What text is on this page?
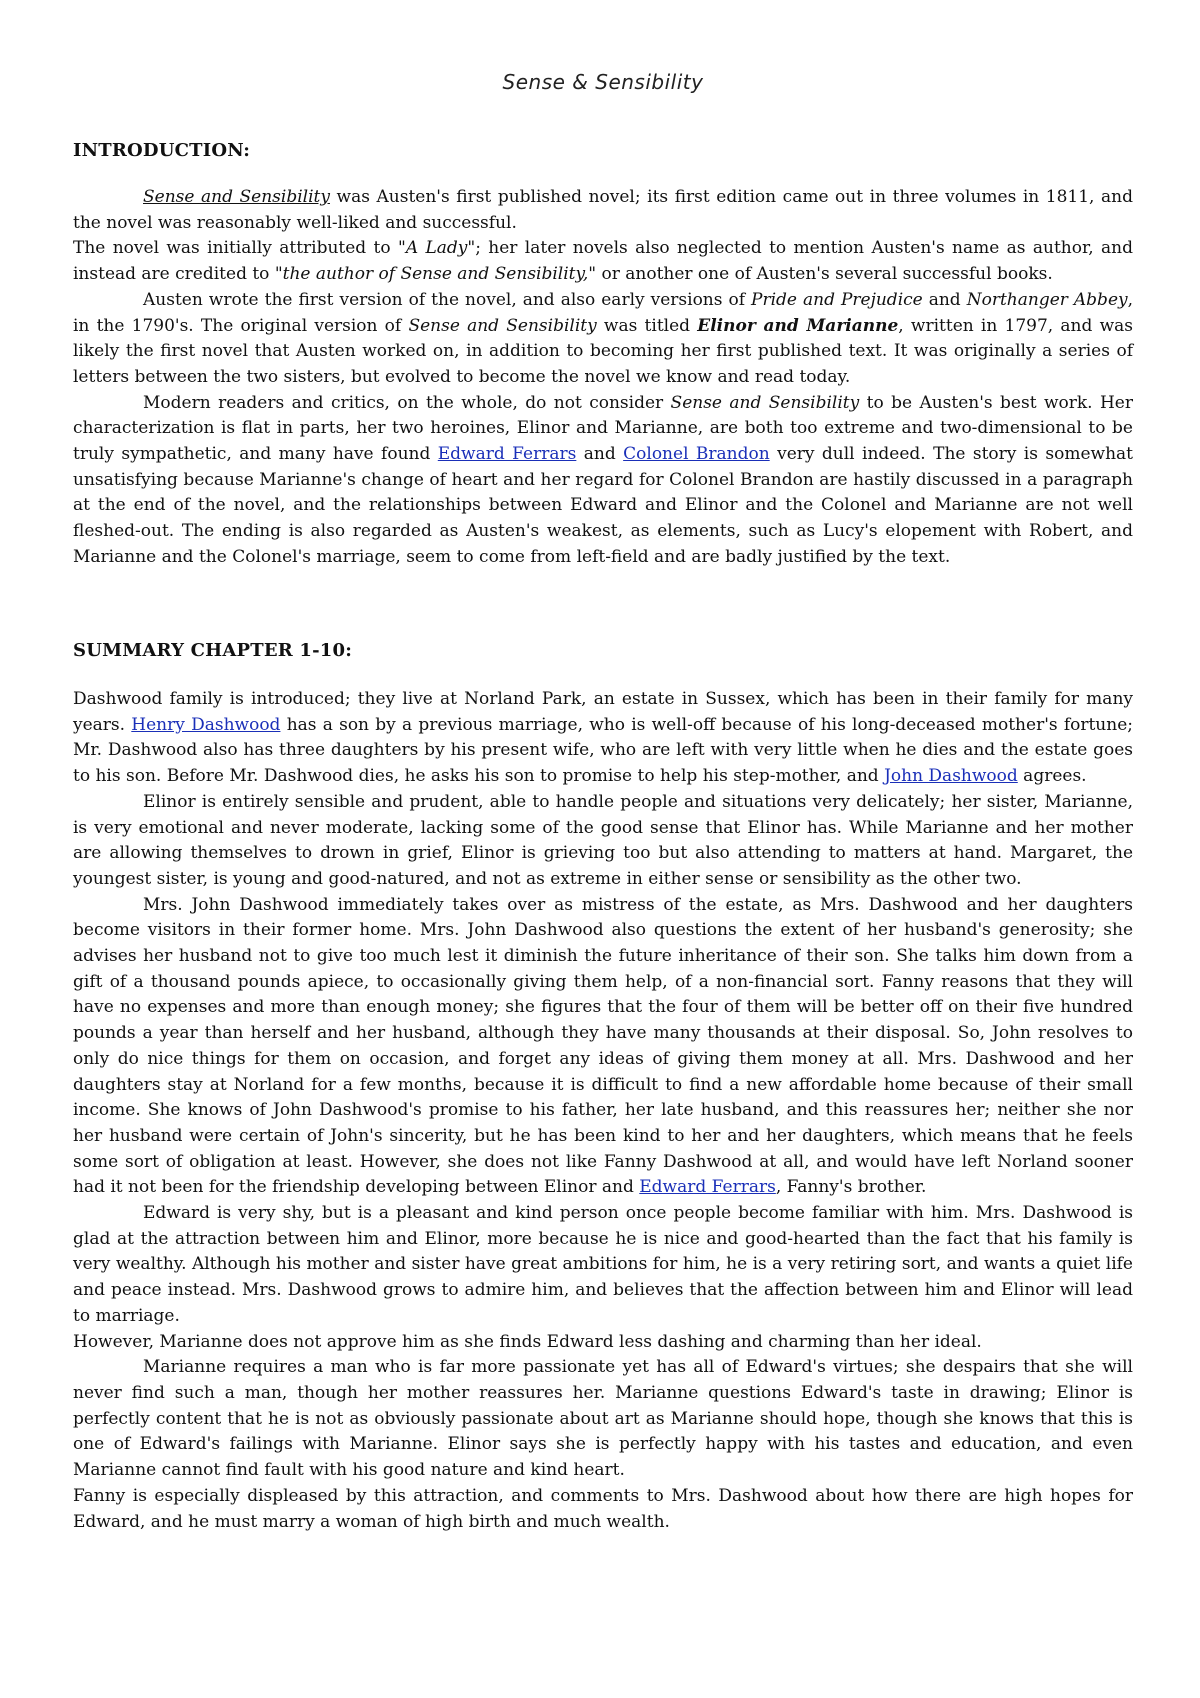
Sense & Sensibility
INTRODUCTION:

Sense and Sensibility was Austen's first published novel; its first edition came out in three volumes in 1811, and the novel was reasonably well-liked and successful.

The novel was initially attributed to "A Lady"; her later novels also neglected to mention Austen's name as author, and instead are credited to "the author of Sense and Sensibility," or another one of Austen's several successful books.

Austen wrote the first version of the novel, and also early versions of Pride and Prejudice and Northanger Abbey, in the 1790's. The original version of Sense and Sensibility was titled Elinor and Marianne, written in 1797, and was likely the first novel that Austen worked on, in addition to becoming her first published text. It was originally a series of letters between the two sisters, but evolved to become the novel we know and read today.

Modern readers and critics, on the whole, do not consider Sense and Sensibility to be Austen's best work. Her characterization is flat in parts, her two heroines, Elinor and Marianne, are both too extreme and two-dimensional to be truly sympathetic, and many have found Edward Ferrars and Colonel Brandon very dull indeed. The story is somewhat unsatisfying because Marianne's change of heart and her regard for Colonel Brandon are hastily discussed in a paragraph at the end of the novel, and the relationships between Edward and Elinor and the Colonel and Marianne are not well fleshed-out. The ending is also regarded as Austen's weakest, as elements, such as Lucy's elopement with Robert, and Marianne and the Colonel's marriage, seem to come from left-field and are badly justified by the text.

SUMMARY CHAPTER 1-10:

Dashwood family is introduced; they live at Norland Park, an estate in Sussex, which has been in their family for many years. Henry Dashwood has a son by a previous marriage, who is well-off because of his long-deceased mother's fortune; Mr. Dashwood also has three daughters by his present wife, who are left with very little when he dies and the estate goes to his son. Before Mr. Dashwood dies, he asks his son to promise to help his step-mother, and John Dashwood agrees.

Elinor is entirely sensible and prudent, able to handle people and situations very delicately; her sister, Marianne, is very emotional and never moderate, lacking some of the good sense that Elinor has. While Marianne and her mother are allowing themselves to drown in grief, Elinor is grieving too but also attending to matters at hand. Margaret, the youngest sister, is young and good-natured, and not as extreme in either sense or sensibility as the other two.

Mrs. John Dashwood immediately takes over as mistress of the estate, as Mrs. Dashwood and her daughters become visitors in their former home. Mrs. John Dashwood also questions the extent of her husband's generosity; she advises her husband not to give too much lest it diminish the future inheritance of their son. She talks him down from a gift of a thousand pounds apiece, to occasionally giving them help, of a non-financial sort. Fanny reasons that they will have no expenses and more than enough money; she figures that the four of them will be better off on their five hundred pounds a year than herself and her husband, although they have many thousands at their disposal. So, John resolves to only do nice things for them on occasion, and forget any ideas of giving them money at all. Mrs. Dashwood and her daughters stay at Norland for a few months, because it is difficult to find a new affordable home because of their small income. She knows of John Dashwood's promise to his father, her late husband, and this reassures her; neither she nor her husband were certain of John's sincerity, but he has been kind to her and her daughters, which means that he feels some sort of obligation at least. However, she does not like Fanny Dashwood at all, and would have left Norland sooner had it not been for the friendship developing between Elinor and Edward Ferrars, Fanny's brother.

Edward is very shy, but is a pleasant and kind person once people become familiar with him. Mrs. Dashwood is glad at the attraction between him and Elinor, more because he is nice and good-hearted than the fact that his family is very wealthy. Although his mother and sister have great ambitions for him, he is a very retiring sort, and wants a quiet life and peace instead. Mrs. Dashwood grows to admire him, and believes that the affection between him and Elinor will lead to marriage.

However, Marianne does not approve him as she finds Edward less dashing and charming than her ideal.

Marianne requires a man who is far more passionate yet has all of Edward's virtues; she despairs that she will never find such a man, though her mother reassures her. Marianne questions Edward's taste in drawing; Elinor is perfectly content that he is not as obviously passionate about art as Marianne should hope, though she knows that this is one of Edward's failings with Marianne. Elinor says she is perfectly happy with his tastes and education, and even Marianne cannot find fault with his good nature and kind heart.

Fanny is especially displeased by this attraction, and comments to Mrs. Dashwood about how there are high hopes for Edward, and he must marry a woman of high birth and much wealth.
